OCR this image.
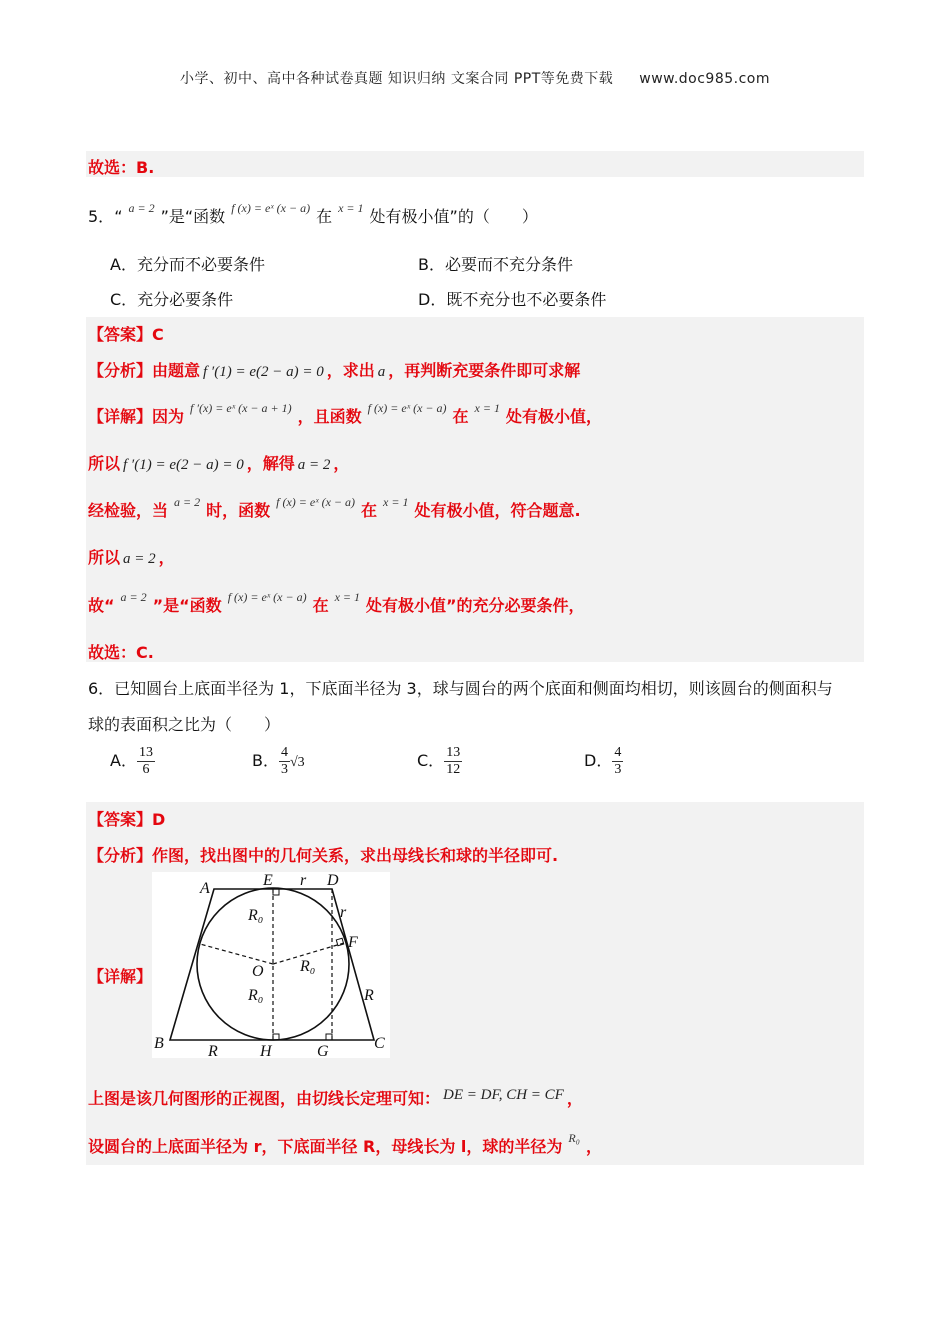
小学、初中、高中各种试卷真题 知识归纳 文案合同 PPT等免费下载 www.doc985.com
故选：B.
5．“ $^{a = 2}$ ”是“函数 $^{f (x) = eˣ (x - a)}$ 在 $^{x = 1}$ 处有极小值”的（　　）
A．充分而不必要条件	B．必要而不充分条件
C．充分必要条件	D．既不充分也不必要条件
【答案】C
【分析】由题意 f ′(1) = e(2 − a) = 0 ，求出 a ，再判断充要条件即可求解
【详解】因为 $^{f '(x) = eˣ (x - a + 1)}$ ，且函数 $^{f (x) = eˣ (x - a)}$ 在 $^{x = 1}$ 处有极小值，
所以 f ′(1) = e(2 − a) = 0 ，解得 a = 2 ，
经检验，当 $^{a = 2}$ 时，函数 $^{f (x) = eˣ (x - a)}$ 在 $^{x = 1}$ 处有极小值，符合题意.
所以 a = 2 ，
故“ $^{a = 2}$ ”是“函数 $^{f (x) = eˣ (x - a)}$ 在 $^{x = 1}$ 处有极小值”的充分必要条件，
故选：C.
6．已知圆台上底面半径为 1，下底面半径为 3，球与圆台的两个底面和侧面均相切，则该圆台的侧面积与
球的表面积之比为（　　）
A． $\frac{13}{6}$	B． $\frac{4}{3} √3$	C． $\frac{13}{12}$	D． $\frac{4}{3}$
【答案】D
【分析】作图，找出图中的几何关系，求出母线长和球的半径即可.
【详解】
A	E r D
r
F
R₀
O R₀
R₀	R
B	R	H	G	C
上图是该几何图形的正视图，由切线长定理可知： DE = DF, CH = CF ，
设圆台的上底面半径为 r，下底面半径 R，母线长为 l，球的半径为 $^{R_0}$ ，
